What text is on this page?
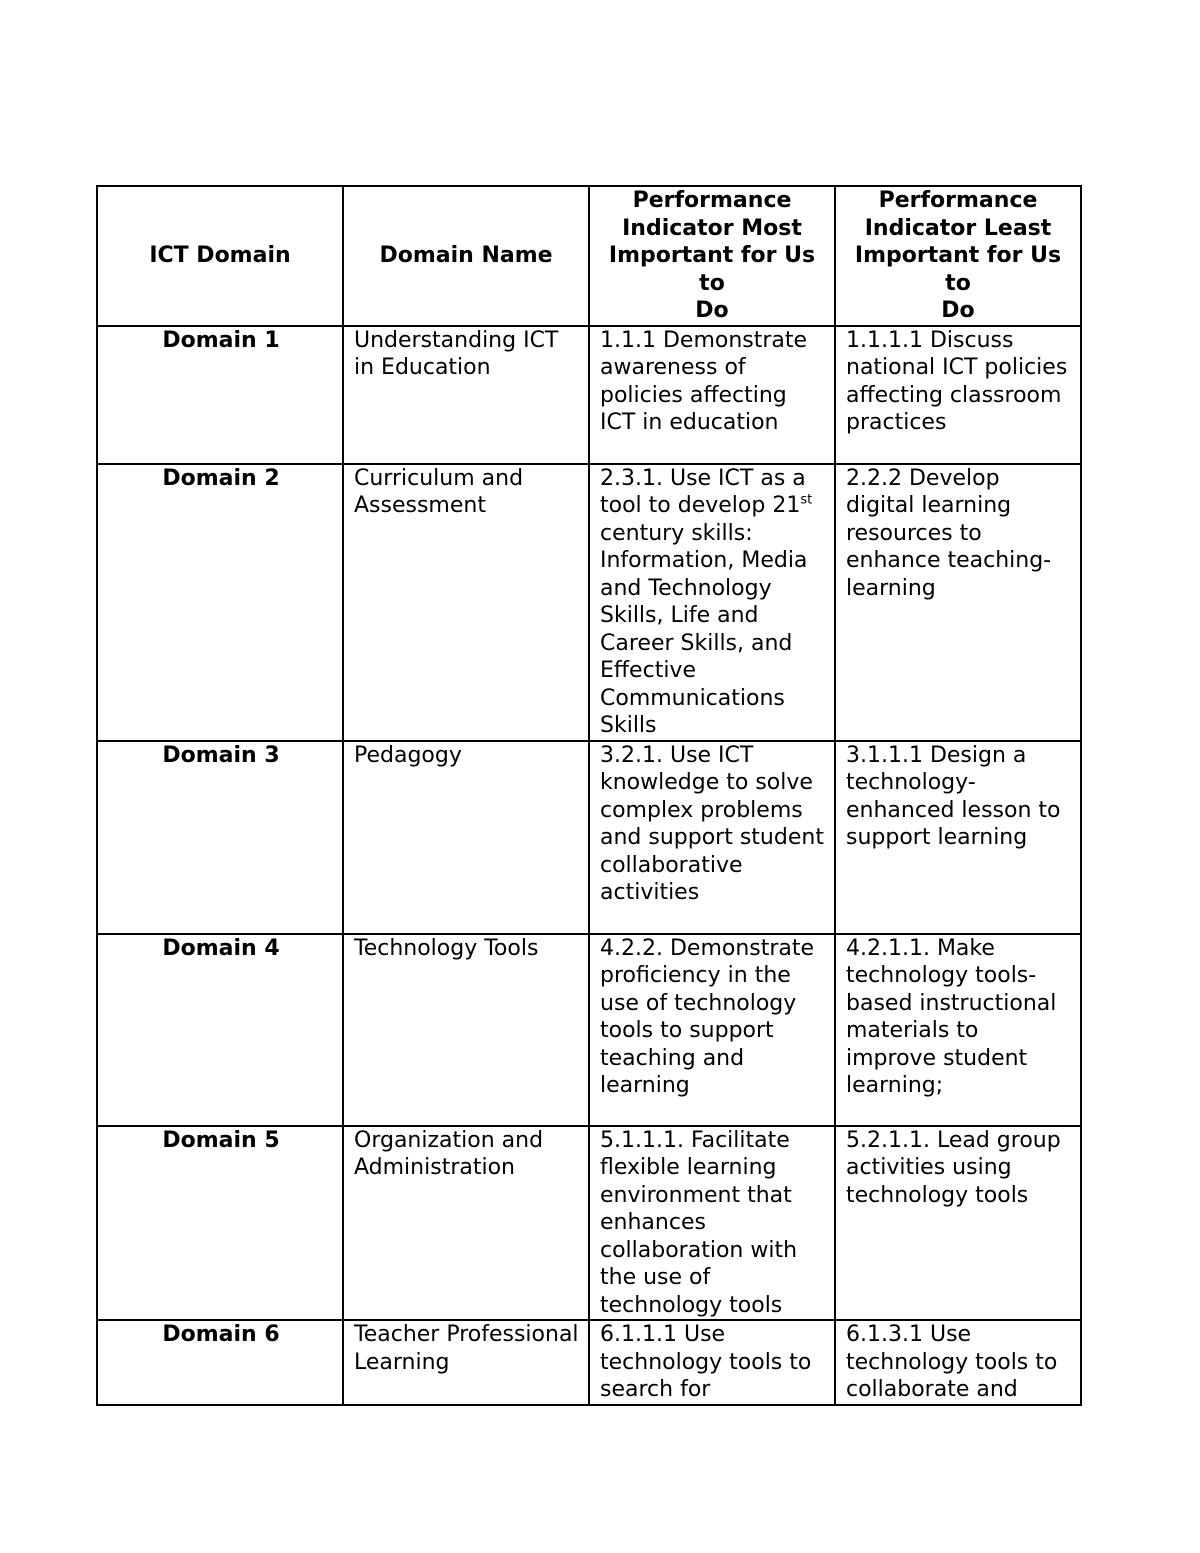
ICT Domain	Domain Name	Performance
Indicator Most
Important for Us
to
Do	Performance
Indicator Least
Important for Us
to
Do

Domain 1	Understanding ICT in Education	1.1.1 Demonstrate awareness of policies affecting ICT in education	1.1.1.1 Discuss national ICT policies affecting classroom practices
Domain 2	Curriculum and Assessment	2.3.1. Use ICT as a tool to develop 21st century skills: Information, Media and Technology Skills, Life and Career Skills, and Effective Communications Skills	2.2.2 Develop digital learning resources to enhance teaching-learning
Domain 3	Pedagogy	3.2.1. Use ICT knowledge to solve complex problems and support student collaborative activities	3.1.1.1 Design a technology-enhanced lesson to support learning
Domain 4	Technology Tools	4.2.2. Demonstrate proficiency in the use of technology tools to support teaching and learning	4.2.1.1. Make technology tools-based instructional materials to improve student learning;
Domain 5	Organization and Administration	5.1.1.1. Facilitate flexible learning environment that enhances collaboration with the use of technology tools	5.2.1.1. Lead group activities using technology tools
Domain 6	Teacher Professional Learning	6.1.1.1 Use technology tools to search for	6.1.3.1 Use technology tools to collaborate and
